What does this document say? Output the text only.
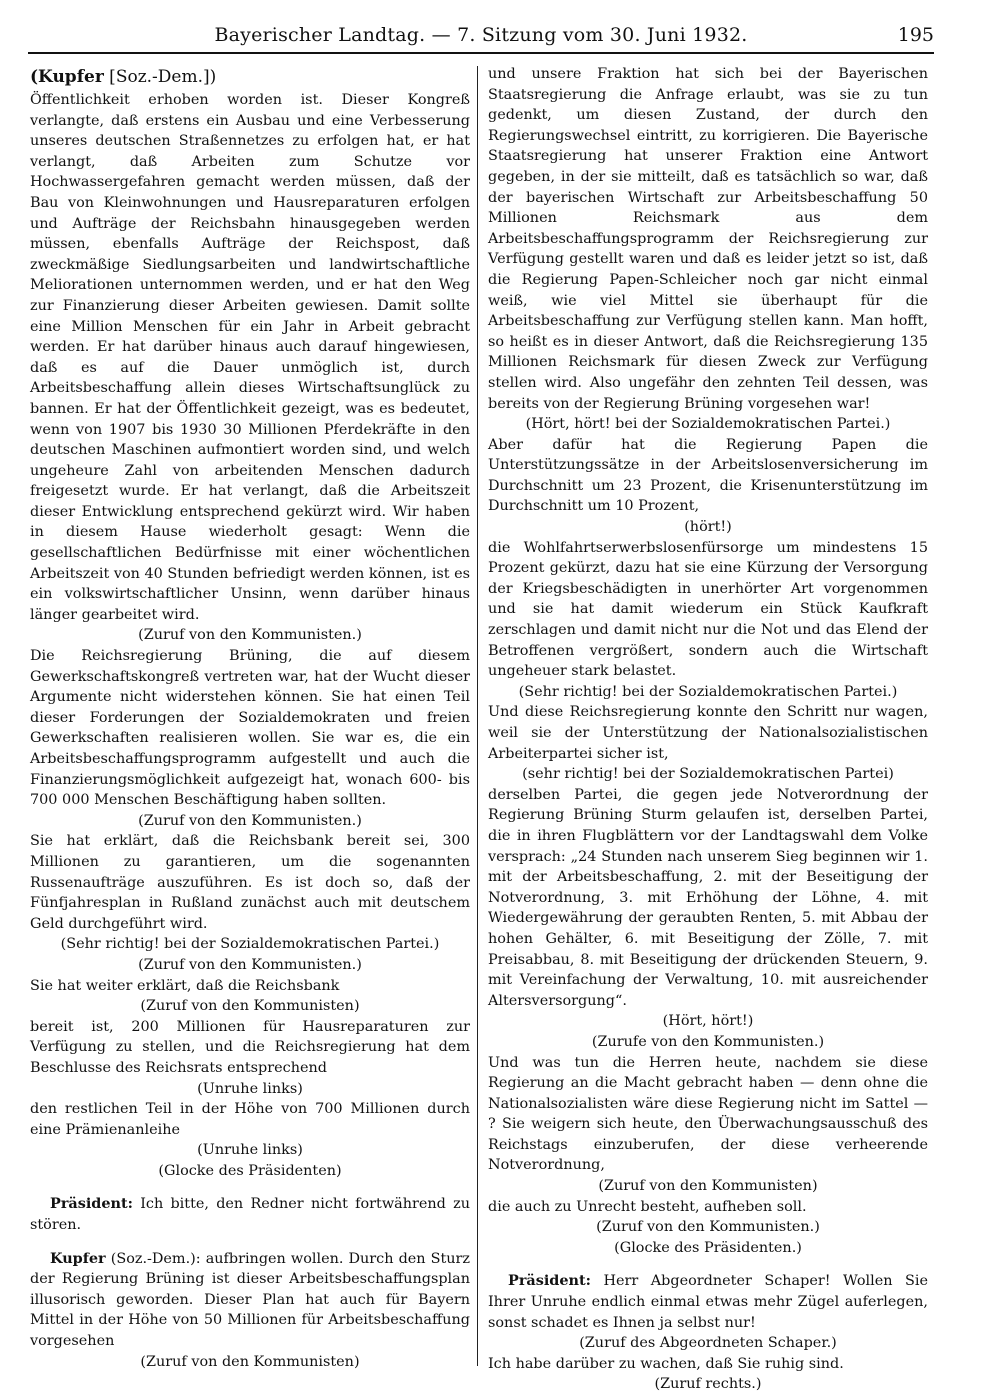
Bayerischer Landtag. — 7. Sitzung vom 30. Juni 1932.	195

(Kupfer [Soz.-Dem.])

Öffentlichkeit erhoben worden ist. Dieser Kongreß verlangte, daß erstens ein Ausbau und eine Verbesserung unseres deutschen Straßennetzes zu erfolgen hat, er hat verlangt, daß Arbeiten zum Schutze vor Hochwassergefahren gemacht werden müssen, daß der Bau von Kleinwohnungen und Hausreparaturen erfolgen und Aufträge der Reichsbahn hinausgegeben werden müssen, ebenfalls Aufträge der Reichspost, daß zweckmäßige Siedlungsarbeiten und landwirtschaftliche Meliorationen unternommen werden, und er hat den Weg zur Finanzierung dieser Arbeiten gewiesen. Damit sollte eine Million Menschen für ein Jahr in Arbeit gebracht werden. Er hat darüber hinaus auch darauf hingewiesen, daß es auf die Dauer unmöglich ist, durch Arbeitsbeschaffung allein dieses Wirtschaftsunglück zu bannen. Er hat der Öffentlichkeit gezeigt, was es bedeutet, wenn von 1907 bis 1930 30 Millionen Pferdekräfte in den deutschen Maschinen aufmontiert worden sind, und welch ungeheure Zahl von arbeitenden Menschen dadurch freigesetzt wurde. Er hat verlangt, daß die Arbeitszeit dieser Entwicklung entsprechend gekürzt wird. Wir haben in diesem Hause wiederholt gesagt: Wenn die gesellschaftlichen Bedürfnisse mit einer wöchentlichen Arbeitszeit von 40 Stunden befriedigt werden können, ist es ein volkswirtschaftlicher Unsinn, wenn darüber hinaus länger gearbeitet wird.

(Zuruf von den Kommunisten.)

Die Reichsregierung Brüning, die auf diesem Gewerkschaftskongreß vertreten war, hat der Wucht dieser Argumente nicht widerstehen können. Sie hat einen Teil dieser Forderungen der Sozialdemokraten und freien Gewerkschaften realisieren wollen. Sie war es, die ein Arbeitsbeschaffungsprogramm aufgestellt und auch die Finanzierungsmöglichkeit aufgezeigt hat, wonach 600- bis 700 000 Menschen Beschäftigung haben sollten.

(Zuruf von den Kommunisten.)

Sie hat erklärt, daß die Reichsbank bereit sei, 300 Millionen zu garantieren, um die sogenannten Russenaufträge auszuführen. Es ist doch so, daß der Fünfjahresplan in Rußland zunächst auch mit deutschem Geld durchgeführt wird.

(Sehr richtig! bei der Sozialdemokratischen Partei.)

(Zuruf von den Kommunisten.)

Sie hat weiter erklärt, daß die Reichsbank

(Zuruf von den Kommunisten)

bereit ist, 200 Millionen für Hausreparaturen zur Verfügung zu stellen, und die Reichsregierung hat dem Beschlusse des Reichsrats entsprechend

(Unruhe links)

den restlichen Teil in der Höhe von 700 Millionen durch eine Prämienanleihe

(Unruhe links)

(Glocke des Präsidenten)

Präsident: Ich bitte, den Redner nicht fortwährend zu stören.

Kupfer (Soz.-Dem.): aufbringen wollen. Durch den Sturz der Regierung Brüning ist dieser Arbeitsbeschaffungsplan illusorisch geworden. Dieser Plan hat auch für Bayern Mittel in der Höhe von 50 Millionen für Arbeitsbeschaffung vorgesehen

(Zuruf von den Kommunisten)

und unsere Fraktion hat sich bei der Bayerischen Staatsregierung die Anfrage erlaubt, was sie zu tun gedenkt, um diesen Zustand, der durch den Regierungswechsel eintritt, zu korrigieren. Die Bayerische Staatsregierung hat unserer Fraktion eine Antwort gegeben, in der sie mitteilt, daß es tatsächlich so war, daß der bayerischen Wirtschaft zur Arbeitsbeschaffung 50 Millionen Reichsmark aus dem Arbeitsbeschaffungsprogramm der Reichsregierung zur Verfügung gestellt waren und daß es leider jetzt so ist, daß die Regierung Papen-Schleicher noch gar nicht einmal weiß, wie viel Mittel sie überhaupt für die Arbeitsbeschaffung zur Verfügung stellen kann. Man hofft, so heißt es in dieser Antwort, daß die Reichsregierung 135 Millionen Reichsmark für diesen Zweck zur Verfügung stellen wird. Also ungefähr den zehnten Teil dessen, was bereits von der Regierung Brüning vorgesehen war!

(Hört, hört! bei der Sozialdemokratischen Partei.)

Aber dafür hat die Regierung Papen die Unterstützungssätze in der Arbeitslosenversicherung im Durchschnitt um 23 Prozent, die Krisenunterstützung im Durchschnitt um 10 Prozent,

(hört!)

die Wohlfahrtserwerbslosenfürsorge um mindestens 15 Prozent gekürzt, dazu hat sie eine Kürzung der Versorgung der Kriegsbeschädigten in unerhörter Art vorgenommen und sie hat damit wiederum ein Stück Kaufkraft zerschlagen und damit nicht nur die Not und das Elend der Betroffenen vergrößert, sondern auch die Wirtschaft ungeheuer stark belastet.

(Sehr richtig! bei der Sozialdemokratischen Partei.)

Und diese Reichsregierung konnte den Schritt nur wagen, weil sie der Unterstützung der Nationalsozialistischen Arbeiterpartei sicher ist,

(sehr richtig! bei der Sozialdemokratischen Partei)

derselben Partei, die gegen jede Notverordnung der Regierung Brüning Sturm gelaufen ist, derselben Partei, die in ihren Flugblättern vor der Landtagswahl dem Volke versprach: „24 Stunden nach unserem Sieg beginnen wir 1. mit der Arbeitsbeschaffung, 2. mit der Beseitigung der Notverordnung, 3. mit Erhöhung der Löhne, 4. mit Wiedergewährung der geraubten Renten, 5. mit Abbau der hohen Gehälter, 6. mit Beseitigung der Zölle, 7. mit Preisabbau, 8. mit Beseitigung der drückenden Steuern, 9. mit Vereinfachung der Verwaltung, 10. mit ausreichender Altersversorgung“.

(Hört, hört!)

(Zurufe von den Kommunisten.)

Und was tun die Herren heute, nachdem sie diese Regierung an die Macht gebracht haben — denn ohne die Nationalsozialisten wäre diese Regierung nicht im Sattel — ? Sie weigern sich heute, den Überwachungsausschuß des Reichstags einzuberufen, der diese verheerende Notverordnung,

(Zuruf von den Kommunisten)

die auch zu Unrecht besteht, aufheben soll.

(Zuruf von den Kommunisten.)

(Glocke des Präsidenten.)

Präsident: Herr Abgeordneter Schaper! Wollen Sie Ihrer Unruhe endlich einmal etwas mehr Zügel auferlegen, sonst schadet es Ihnen ja selbst nur!

(Zuruf des Abgeordneten Schaper.)

Ich habe darüber zu wachen, daß Sie ruhig sind.

(Zuruf rechts.)
